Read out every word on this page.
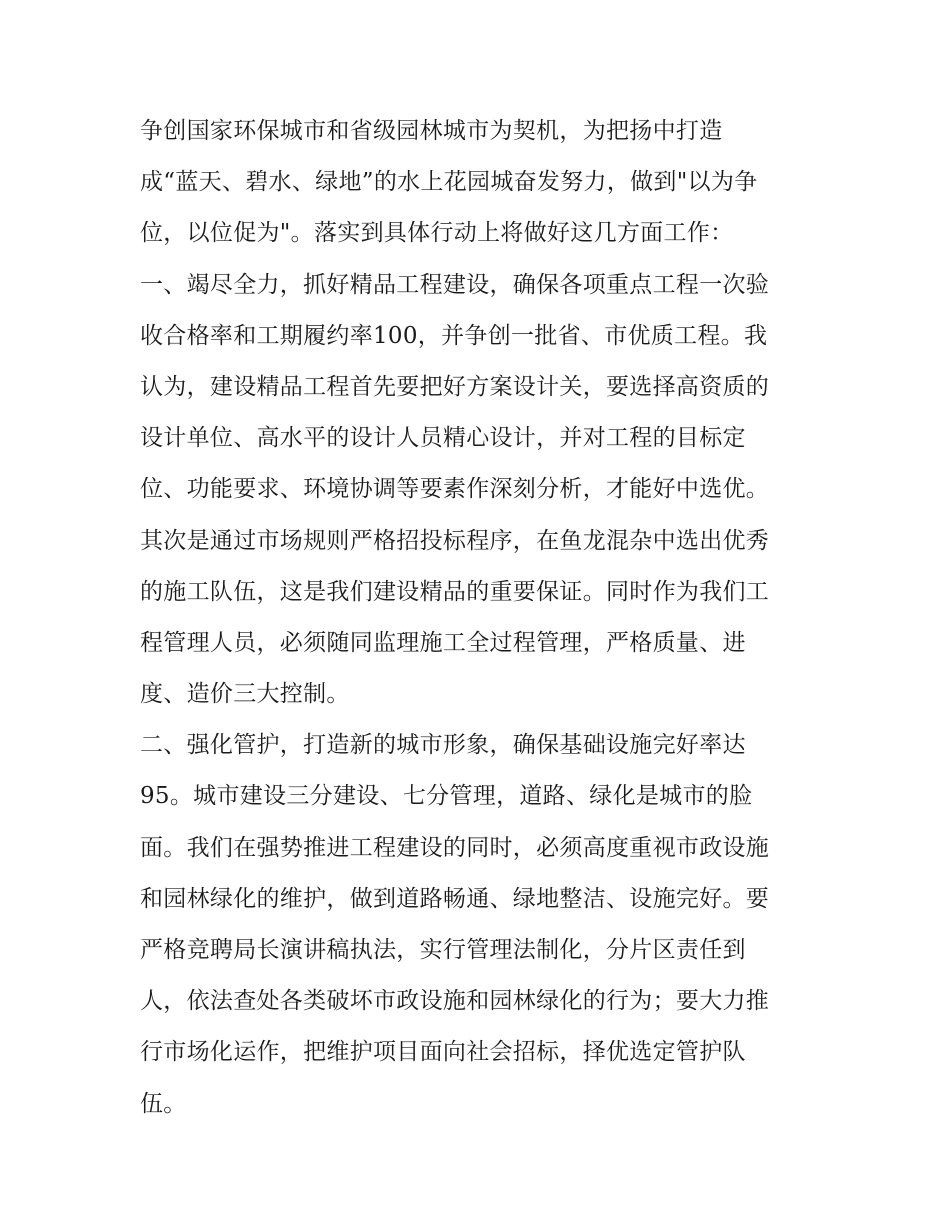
争创国家环保城市和省级园林城市为契机，为把扬中打造
成“蓝天、碧水、绿地”的水上花园城奋发努力，做到"以为争
位，以位促为"。落实到具体行动上将做好这几方面工作：
一、竭尽全力，抓好精品工程建设，确保各项重点工程一次验
收合格率和工期履约率100，并争创一批省、市优质工程。我
认为，建设精品工程首先要把好方案设计关，要选择高资质的
设计单位、高水平的设计人员精心设计，并对工程的目标定
位、功能要求、环境协调等要素作深刻分析，才能好中选优。
其次是通过市场规则严格招投标程序，在鱼龙混杂中选出优秀
的施工队伍，这是我们建设精品的重要保证。同时作为我们工
程管理人员，必须随同监理施工全过程管理，严格质量、进
度、造价三大控制。
二、强化管护，打造新的城市形象，确保基础设施完好率达
95。城市建设三分建设、七分管理，道路、绿化是城市的脸
面。我们在强势推进工程建设的同时，必须高度重视市政设施
和园林绿化的维护，做到道路畅通、绿地整洁、设施完好。要
严格竞聘局长演讲稿执法，实行管理法制化，分片区责任到
人，依法查处各类破坏市政设施和园林绿化的行为；要大力推
行市场化运作，把维护项目面向社会招标，择优选定管护队
伍。
